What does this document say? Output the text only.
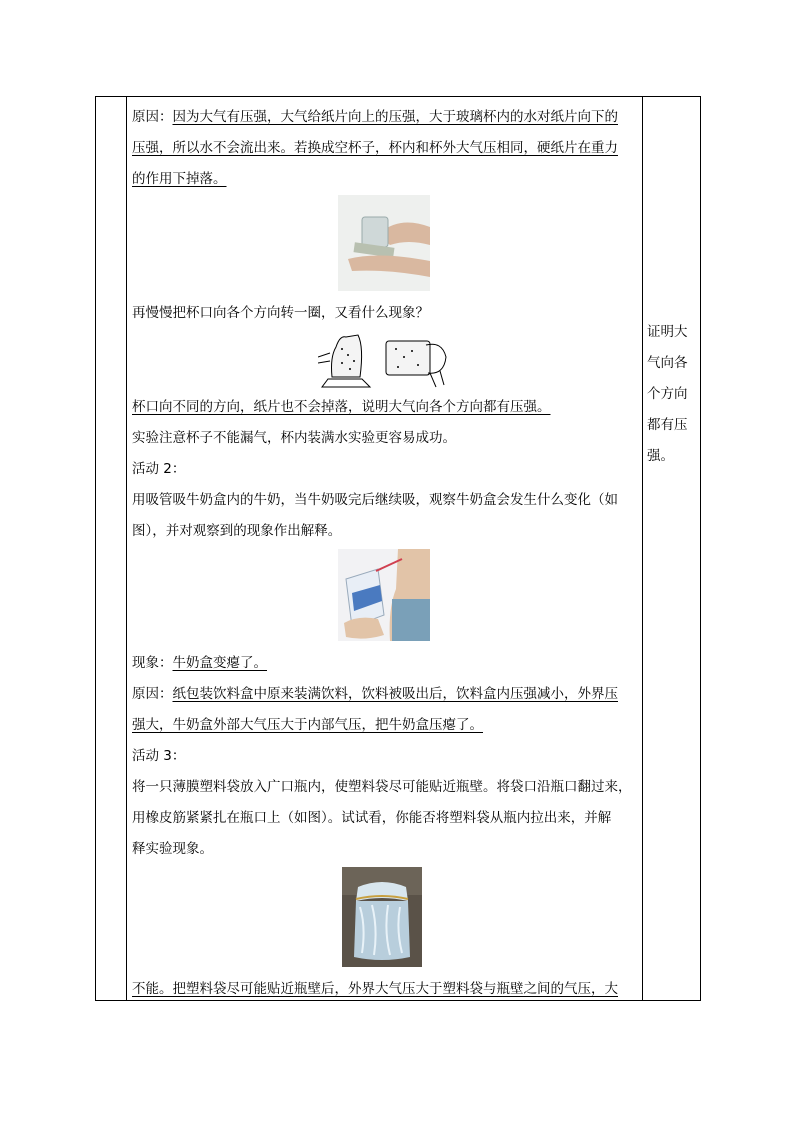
原因：因为大气有压强，大气给纸片向上的压强，大于玻璃杯内的水对纸片向下的
压强，所以水不会流出来。若换成空杯子，杯内和杯外大气压相同，硬纸片在重力
的作用下掉落。
再慢慢把杯口向各个方向转一圈，又看什么现象？
杯口向不同的方向，纸片也不会掉落，说明大气向各个方向都有压强。
实验注意杯子不能漏气，杯内装满水实验更容易成功。
活动 2：
用吸管吸牛奶盒内的牛奶，当牛奶吸完后继续吸，观察牛奶盒会发生什么变化（如
图），并对观察到的现象作出解释。
现象：牛奶盒变瘪了。
原因：纸包装饮料盒中原来装满饮料，饮料被吸出后，饮料盒内压强减小，外界压
强大，牛奶盒外部大气压大于内部气压，把牛奶盒压瘪了。
活动 3：
将一只薄膜塑料袋放入广口瓶内，使塑料袋尽可能贴近瓶壁。将袋口沿瓶口翻过来，
用橡皮筋紧紧扎在瓶口上（如图）。试试看，你能否将塑料袋从瓶内拉出来，并解
释实验现象。
不能。把塑料袋尽可能贴近瓶壁后，外界大气压大于塑料袋与瓶壁之间的气压，大
证明大
气向各
个方向
都有压
强。
